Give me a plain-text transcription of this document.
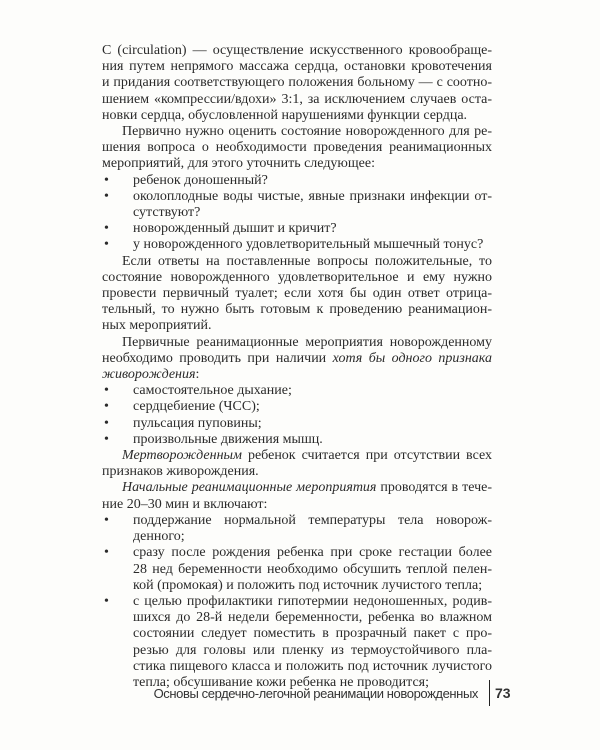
C (circulation) — осуществление искусственного кровообраще-
ния путем непрямого массажа сердца, остановки кровотечения
и придания соответствующего положения больному — с соотно-
шением «компрессии/вдохи» 3:1, за исключением случаев оста-
новки сердца, обусловленной нарушениями функции сердца.
Первично нужно оценить состояние новорожденного для ре-
шения вопроса о необходимости проведения реанимационных
мероприятий, для этого уточнить следующее:
• ребенок доношенный?
• околоплодные воды чистые, явные признаки инфекции от-
сутствуют?
• новорожденный дышит и кричит?
• у новорожденного удовлетворительный мышечный тонус?
Если ответы на поставленные вопросы положительные, то
состояние новорожденного удовлетворительное и ему нужно
провести первичный туалет; если хотя бы один ответ отрица-
тельный, то нужно быть готовым к проведению реанимацион-
ных мероприятий.
Первичные реанимационные мероприятия новорожденному
необходимо проводить при наличии хотя бы одного признака
живорождения:
• самостоятельное дыхание;
• сердцебиение (ЧСС);
• пульсация пуповины;
• произвольные движения мышц.
Мертворожденным ребенок считается при отсутствии всех
признаков живорождения.
Начальные реанимационные мероприятия проводятся в тече-
ние 20–30 мин и включают:
• поддержание нормальной температуры тела новорож-
денного;
• сразу после рождения ребенка при сроке гестации более
28 нед беременности необходимо обсушить теплой пелен-
кой (промокая) и положить под источник лучистого тепла;
• с целью профилактики гипотермии недоношенных, родив-
шихся до 28-й недели беременности, ребенка во влажном
состоянии следует поместить в прозрачный пакет с про-
резью для головы или пленку из термоустойчивого пла-
стика пищевого класса и положить под источник лучистого
тепла; обсушивание кожи ребенка не проводится;
Основы сердечно-легочной реанимации новорожденных 73
